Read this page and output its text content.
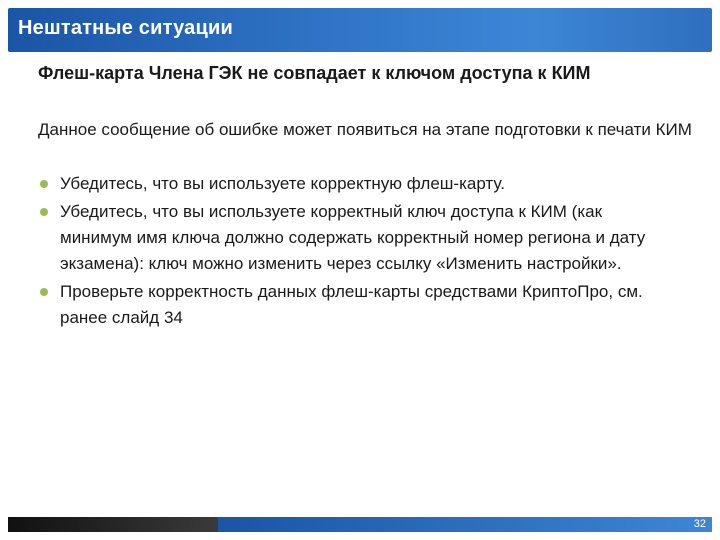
Нештатные ситуации
Флеш-карта Члена ГЭК не совпадает к ключом доступа к КИМ
Данное сообщение об ошибке может появиться на этапе подготовки к печати КИМ
Убедитесь, что вы используете корректную флеш-карту.
Убедитесь, что вы используете корректный ключ доступа к КИМ (как минимум имя ключа должно содержать корректный номер региона и дату экзамена): ключ можно изменить через ссылку «Изменить настройки».
Проверьте корректность данных флеш-карты средствами КриптоПро, см. ранее слайд 34
32
